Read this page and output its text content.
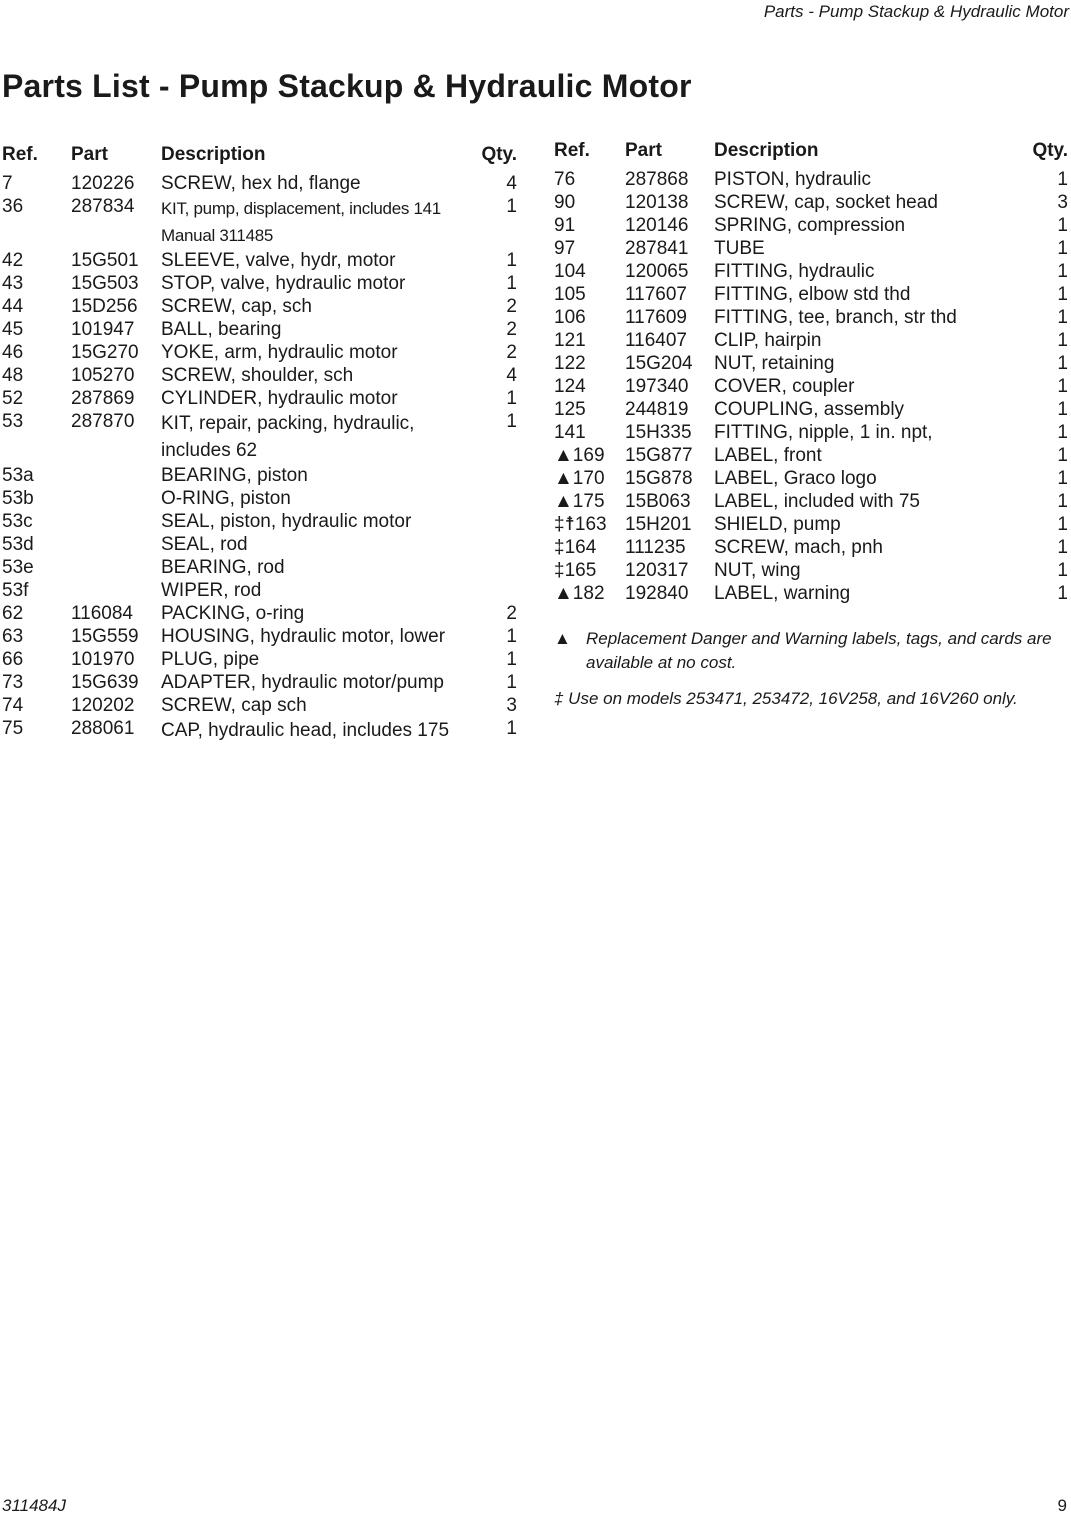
Parts - Pump Stackup & Hydraulic Motor
Parts List - Pump Stackup & Hydraulic Motor
Ref.	Part	Description	Qty.
7	120226	SCREW, hex hd, flange	4
36	287834	KIT, pump, displacement, includes 141 Manual 311485	1
42	15G501	SLEEVE, valve, hydr, motor	1
43	15G503	STOP, valve, hydraulic motor	1
44	15D256	SCREW, cap, sch	2
45	101947	BALL, bearing	2
46	15G270	YOKE, arm, hydraulic motor	2
48	105270	SCREW, shoulder, sch	4
52	287869	CYLINDER, hydraulic motor	1
53	287870	KIT, repair, packing, hydraulic, includes 62	1
53a		BEARING, piston	
53b		O-RING, piston	
53c		SEAL, piston, hydraulic motor	
53d		SEAL, rod	
53e		BEARING, rod	
53f		WIPER, rod	
62	116084	PACKING, o-ring	2
63	15G559	HOUSING, hydraulic motor, lower	1
66	101970	PLUG, pipe	1
73	15G639	ADAPTER, hydraulic motor/pump	1
74	120202	SCREW, cap sch	3
75	288061	CAP, hydraulic head, includes 175	1
Ref.	Part	Description	Qty.
76	287868	PISTON, hydraulic	1
90	120138	SCREW, cap, socket head	3
91	120146	SPRING, compression	1
97	287841	TUBE	1
104	120065	FITTING, hydraulic	1
105	117607	FITTING, elbow std thd	1
106	117609	FITTING, tee, branch, str thd	1
121	116407	CLIP, hairpin	1
122	15G204	NUT, retaining	1
124	197340	COVER, coupler	1
125	244819	COUPLING, assembly	1
141	15H335	FITTING, nipple, 1 in. npt,	1
▲169	15G877	LABEL, front	1
▲170	15G878	LABEL, Graco logo	1
▲175	15B063	LABEL, included with 75	1
‡☨163	15H201	SHIELD, pump	1
‡164	111235	SCREW, mach, pnh	1
‡165	120317	NUT, wing	1
▲182	192840	LABEL, warning	1
▲ Replacement Danger and Warning labels, tags, and cards are available at no cost.
‡ Use on models 253471, 253472, 16V258, and 16V260 only.
311484J	9
